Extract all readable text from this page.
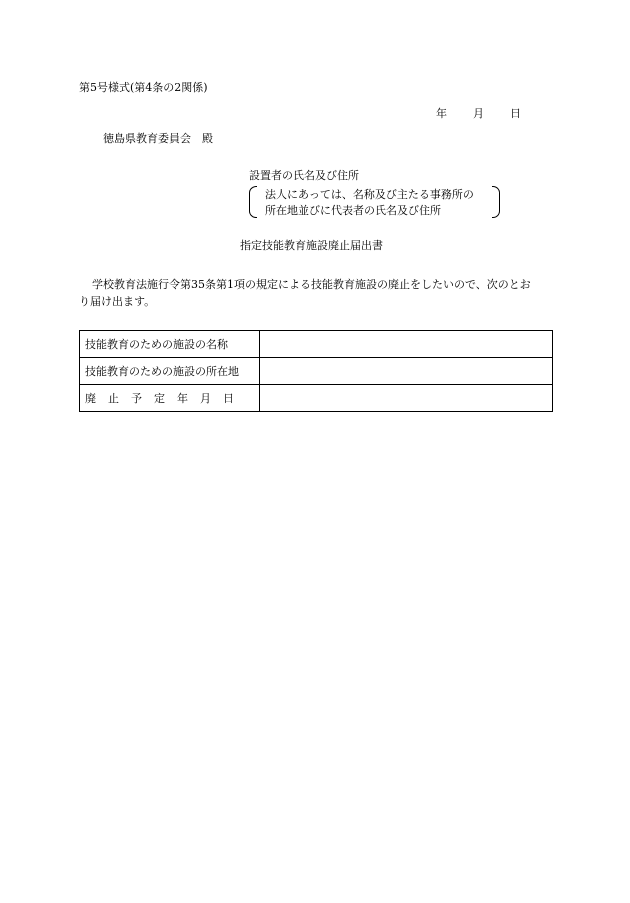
第5号様式(第4条の2関係)
年 月 日
徳島県教育委員会　殿
設置者の氏名及び住所
法人にあっては、名称及び主たる事務所の
所在地並びに代表者の氏名及び住所
指定技能教育施設廃止届出書
学校教育法施行令第35条第1項の規定による技能教育施設の廃止をしたいので、次のとお
り届け出ます。
技能教育のための施設の名称	
技能教育のための施設の所在地	
廃止予定年月日	
